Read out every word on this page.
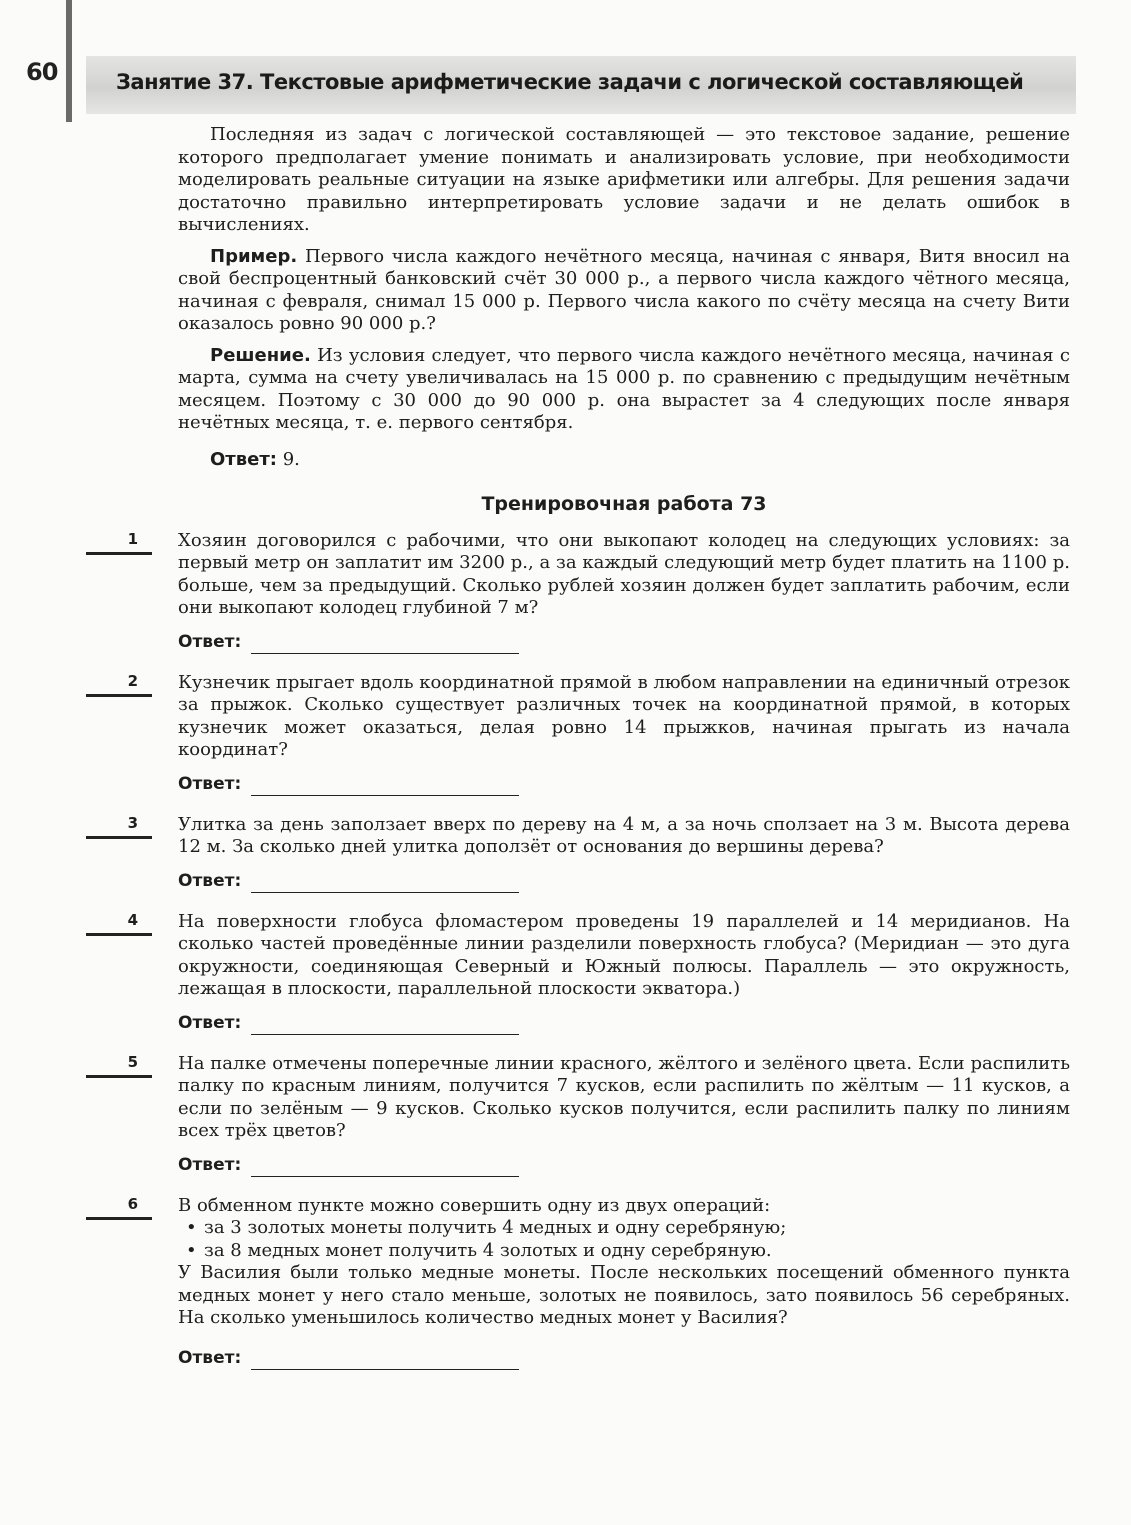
60	Занятие 37. Текстовые арифметические задачи с логической составляющей

Последняя из задач с логической составляющей — это текстовое задание, решение которого предполагает умение понимать и анализировать условие, при необходимости моделировать реальные ситуации на языке арифметики или алгебры. Для решения задачи достаточно правильно интерпретировать условие задачи и не делать ошибок в вычислениях.

Пример. Первого числа каждого нечётного месяца, начиная с января, Витя вносил на свой беспроцентный банковский счёт 30 000 р., а первого числа каждого чётного месяца, начиная с февраля, снимал 15 000 р. Первого числа какого по счёту месяца на счету Вити оказалось ровно 90 000 р.?

Решение. Из условия следует, что первого числа каждого нечётного месяца, начиная с марта, сумма на счету увеличивалась на 15 000 р. по сравнению с предыдущим нечётным месяцем. Поэтому с 30 000 до 90 000 р. она вырастет за 4 следующих после января нечётных месяца, т. е. первого сентября.

Ответ: 9.

Тренировочная работа 73
1	Хозяин договорился с рабочими, что они выкопают колодец на следующих условиях: за первый метр он заплатит им 3200 р., а за каждый следующий метр будет платить на 1100 р. больше, чем за предыдущий. Сколько рублей хозяин должен будет заплатить рабочим, если они выкопают колодец глубиной 7 м?

Ответ:
2	Кузнечик прыгает вдоль координатной прямой в любом направлении на единичный отрезок за прыжок. Сколько существует различных точек на координатной прямой, в которых кузнечик может оказаться, делая ровно 14 прыжков, начиная прыгать из начала координат?

Ответ:
3	Улитка за день заползает вверх по дереву на 4 м, а за ночь сползает на 3 м. Высота дерева 12 м. За сколько дней улитка доползёт от основания до вершины дерева?

Ответ:
4	На поверхности глобуса фломастером проведены 19 параллелей и 14 меридианов. На сколько частей проведённые линии разделили поверхность глобуса? (Меридиан — это дуга окружности, соединяющая Северный и Южный полюсы. Параллель — это окружность, лежащая в плоскости, параллельной плоскости экватора.)

Ответ:
5	На палке отмечены поперечные линии красного, жёлтого и зелёного цвета. Если распилить палку по красным линиям, получится 7 кусков, если распилить по жёлтым — 11 кусков, а если по зелёным — 9 кусков. Сколько кусков получится, если распилить палку по линиям всех трёх цветов?

Ответ:
6	В обменном пункте можно совершить одну из двух операций:

• за 3 золотых монеты получить 4 медных и одну серебряную;
• за 8 медных монет получить 4 золотых и одну серебряную.

У Василия были только медные монеты. После нескольких посещений обменного пункта медных монет у него стало меньше, золотых не появилось, зато появилось 56 серебряных. На сколько уменьшилось количество медных монет у Василия?

Ответ:
